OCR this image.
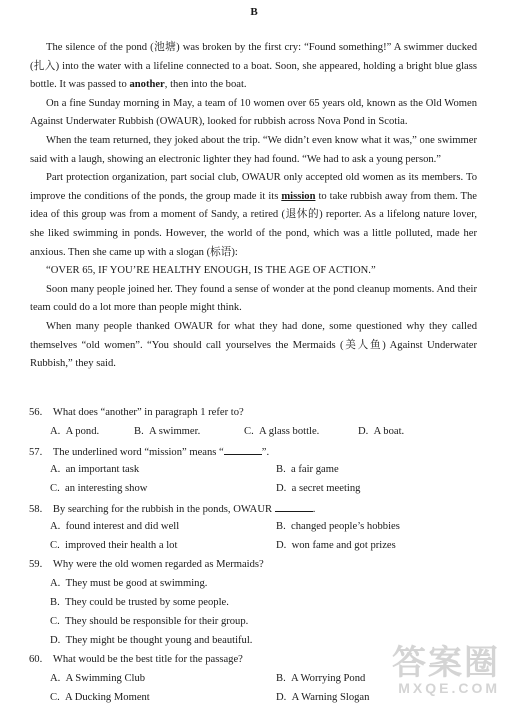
B

The silence of the pond (池塘) was broken by the first cry: “Found something!” A swimmer ducked (扎入) into the water with a lifeline connected to a boat. Soon, she appeared, holding a bright blue glass bottle. It was passed to another, then into the boat.

On a fine Sunday morning in May, a team of 10 women over 65 years old, known as the Old Women Against Underwater Rubbish (OWAUR), looked for rubbish across Nova Pond in Scotia.

When the team returned, they joked about the trip. “We didn’t even know what it was,” one swimmer said with a laugh, showing an electronic lighter they had found. “We had to ask a young person.”

Part protection organization, part social club, OWAUR only accepted old women as its members. To improve the conditions of the ponds, the group made it its mission to take rubbish away from them. The idea of this group was from a moment of Sandy, a retired (退休的) reporter. As a lifelong nature lover, she liked swimming in ponds. However, the world of the pond, which was a little polluted, made her anxious. Then she came up with a slogan (标语):

“OVER 65, IF YOU’RE HEALTHY ENOUGH, IS THE AGE OF ACTION.”

Soon many people joined her. They found a sense of wonder at the pond cleanup moments. And their team could do a lot more than people might think.

When many people thanked OWAUR for what they had done, some questioned why they called themselves “old women”. “You should call yourselves the Mermaids (美人鱼) Against Underwater Rubbish,” they said.

56. What does “another” in paragraph 1 refer to?
A. A pond.	B. A swimmer.	C. A glass bottle.	D. A boat.
57. The underlined word “mission” means “	”.
A. an important task	B. a fair game
C. an interesting show	D. a secret meeting
58. By searching for the rubbish in the ponds, OWAUR	.
A. found interest and did well	B. changed people’s hobbies
C. improved their health a lot	D. won fame and got prizes
59. Why were the old women regarded as Mermaids?
A. They must be good at swimming.
B. They could be trusted by some people.
C. They should be responsible for their group.
D. They might be thought young and beautiful.
60. What would be the best title for the passage?
A. A Swimming Club	B. A Worrying Pond
C. A Ducking Moment	D. A Warning Slogan
答案圈
MXQE.COM
